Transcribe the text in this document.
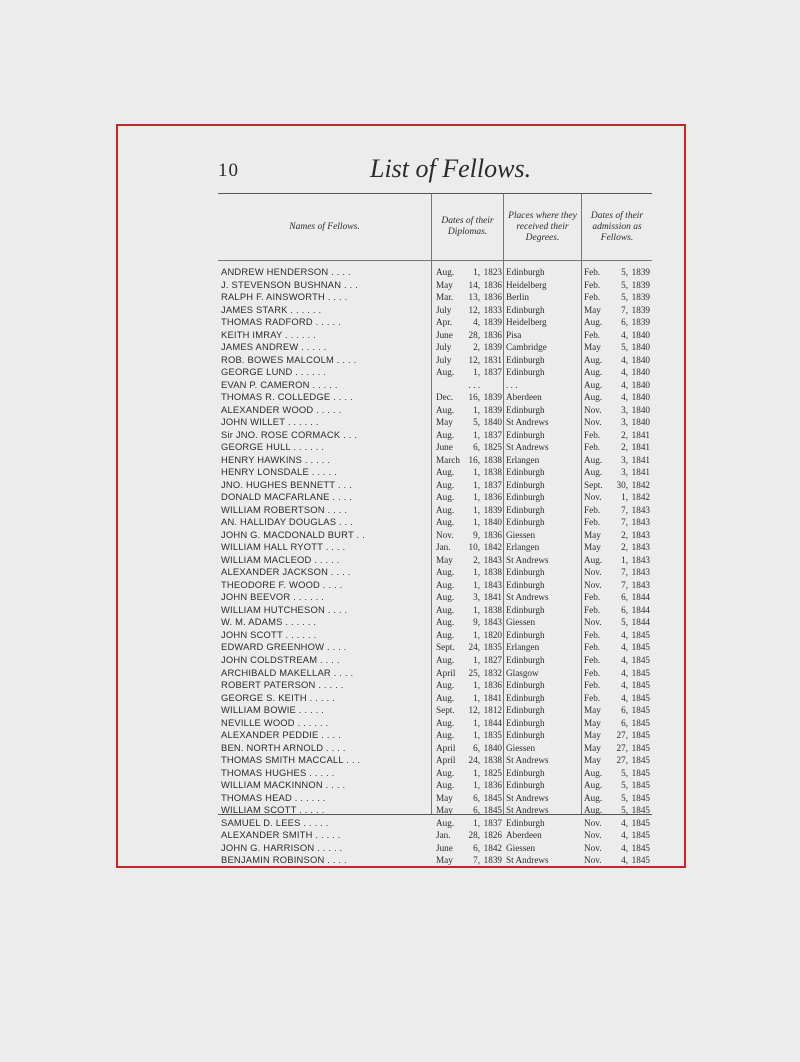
10	List of Fellows.
Names of Fellows.
Dates of their Diplomas.
Places where they received their Degrees.
Dates of their admission as Fellows.
ANDREW HENDERSON . . . .	Aug. 1, 1823 Edinburgh	Feb. 5, 1839
J. STEVENSON BUSHNAN . . .	May 14, 1836 Heidelberg	Feb. 5, 1839
RALPH F. AINSWORTH . . . .	Mar. 13, 1836 Berlin	Feb. 5, 1839
JAMES STARK . . . . . .	July 12, 1833 Edinburgh	May 7, 1839
THOMAS RADFORD . . . . .	Apr. 4, 1839 Heidelberg	Aug. 6, 1839
KEITH IMRAY . . . . . .	June 28, 1836 Pisa	Feb. 4, 1840
JAMES ANDREW . . . . .	July 2, 1839 Cambridge	May 5, 1840
ROB. BOWES MALCOLM . . . .	July 12, 1831 Edinburgh	Aug. 4, 1840
GEORGE LUND . . . . . .	Aug. 1, 1837 Edinburgh	Aug. 4, 1840
EVAN P. CAMERON . . . . .	. . .	. . .	Aug. 4, 1840
THOMAS R. COLLEDGE . . . .	Dec. 16, 1839 Aberdeen	Aug. 4, 1840
ALEXANDER WOOD . . . . .	Aug. 1, 1839 Edinburgh	Nov. 3, 1840
JOHN WILLET . . . . . .	May 5, 1840 St Andrews	Nov. 3, 1840
Sir JNO. ROSE CORMACK . . .	Aug. 1, 1837 Edinburgh	Feb. 2, 1841
GEORGE HULL . . . . . .	June 6, 1825 St Andrews	Feb. 2, 1841
HENRY HAWKINS . . . . .	March 16, 1838 Erlangen	Aug. 3, 1841
HENRY LONSDALE . . . . .	Aug. 1, 1838 Edinburgh	Aug. 3, 1841
JNO. HUGHES BENNETT . . .	Aug. 1, 1837 Edinburgh	Sept. 30, 1842
DONALD MACFARLANE . . . .	Aug. 1, 1836 Edinburgh	Nov. 1, 1842
WILLIAM ROBERTSON . . . .	Aug. 1, 1839 Edinburgh	Feb. 7, 1843
AN. HALLIDAY DOUGLAS . . .	Aug. 1, 1840 Edinburgh	Feb. 7, 1843
JOHN G. MACDONALD BURT . .	Nov. 9, 1836 Giessen	May 2, 1843
WILLIAM HALL RYOTT . . . .	Jan. 10, 1842 Erlangen	May 2, 1843
WILLIAM MACLEOD . . . . .	May 2, 1843 St Andrews	Aug. 1, 1843
ALEXANDER JACKSON . . . .	Aug. 1, 1838 Edinburgh	Nov. 7, 1843
THEODORE F. WOOD . . . .	Aug. 1, 1843 Edinburgh	Nov. 7, 1843
JOHN BEEVOR . . . . . .	Aug. 3, 1841 St Andrews	Feb. 6, 1844
WILLIAM HUTCHESON . . . .	Aug. 1, 1838 Edinburgh	Feb. 6, 1844
W. M. ADAMS . . . . . .	Aug. 9, 1843 Giessen	Nov. 5, 1844
JOHN SCOTT . . . . . .	Aug. 1, 1820 Edinburgh	Feb. 4, 1845
EDWARD GREENHOW . . . .	Sept. 24, 1835 Erlangen	Feb. 4, 1845
JOHN COLDSTREAM . . . .	Aug. 1, 1827 Edinburgh	Feb. 4, 1845
ARCHIBALD MAKELLAR . . . .	April 25, 1832 Glasgow	Feb. 4, 1845
ROBERT PATERSON . . . . .	Aug. 1, 1836 Edinburgh	Feb. 4, 1845
GEORGE S. KEITH . . . . .	Aug. 1, 1841 Edinburgh	Feb. 4, 1845
WILLIAM BOWIE . . . . .	Sept. 12, 1812 Edinburgh	May 6, 1845
NEVILLE WOOD . . . . . .	Aug. 1, 1844 Edinburgh	May 6, 1845
ALEXANDER PEDDIE . . . .	Aug. 1, 1835 Edinburgh	May 27, 1845
BEN. NORTH ARNOLD . . . .	April 6, 1840 Giessen	May 27, 1845
THOMAS SMITH MACCALL . . .	April 24, 1838 St Andrews	May 27, 1845
THOMAS HUGHES . . . . .	Aug. 1, 1825 Edinburgh	Aug. 5, 1845
WILLIAM MACKINNON . . . .	Aug. 1, 1836 Edinburgh	Aug. 5, 1845
THOMAS HEAD . . . . . .	May 6, 1845 St Andrews	Aug. 5, 1845
WILLIAM SCOTT . . . . .	May 6, 1845 St Andrews	Aug. 5, 1845
SAMUEL D. LEES . . . . .	Aug. 1, 1837 Edinburgh	Nov. 4, 1845
ALEXANDER SMITH . . . . .	Jan. 28, 1826 Aberdeen	Nov. 4, 1845
JOHN G. HARRISON . . . . .	June 6, 1842 Giessen	Nov. 4, 1845
BENJAMIN ROBINSON . . . .	May 7, 1839 St Andrews	Nov. 4, 1845
